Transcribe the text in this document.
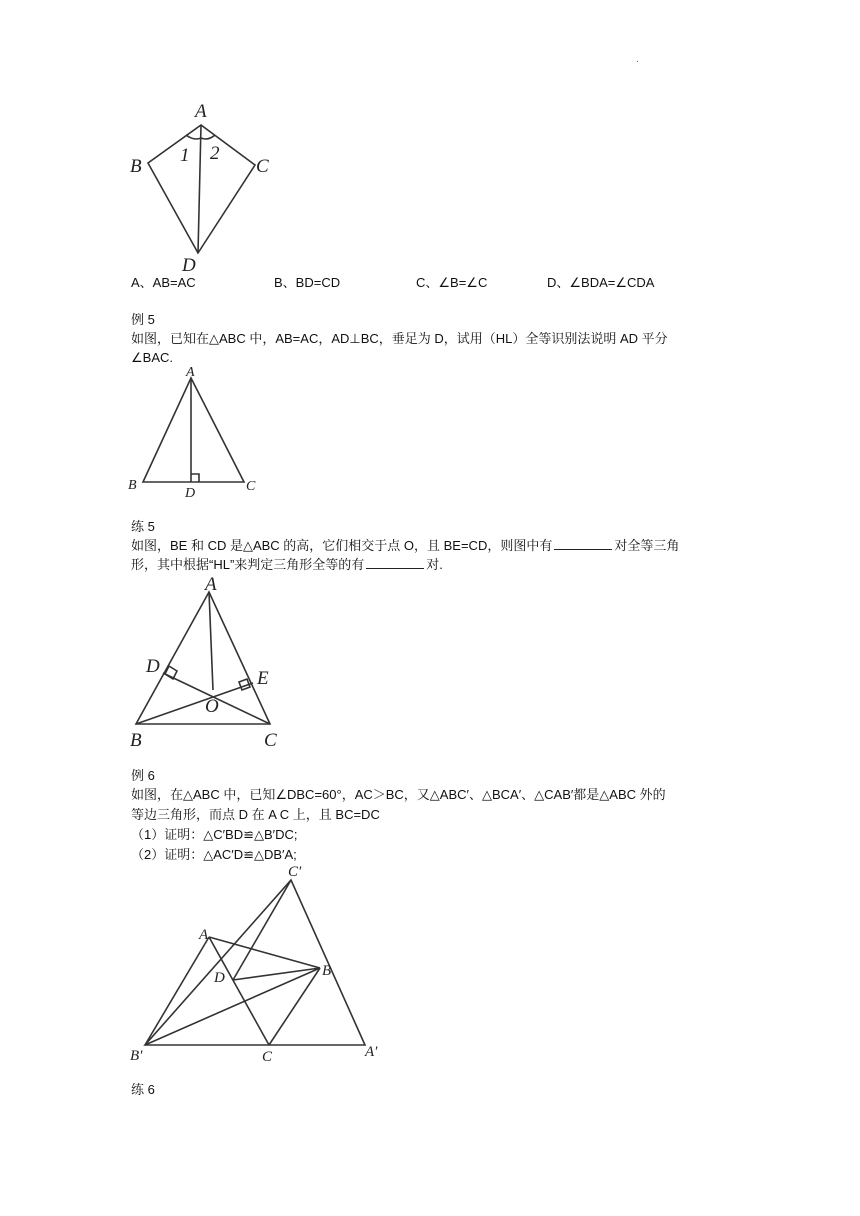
.
A
B	C
D
1 2
A、AB=AC	B、BD=CD	C、∠B=∠C	D、∠BDA=∠CDA
例 5
如图，已知在△ABC 中，AB=AC，AD⊥BC，垂足为 D，试用（HL）全等识别法说明 AD 平分
∠BAC.
A
B	C
D
练 5
如图，BE 和 CD 是△ABC 的高，它们相交于点 O，且 BE=CD，则图中有	对全等三角
形，其中根据“HL”来判定三角形全等的有	对.
A
B	C
D
E
O
例 6
如图，在△ABC 中，已知∠DBC=60°，AC＞BC，又△ABC′、△BCA′、△CAB′都是△ABC 外的
等边三角形，而点 D 在 A C 上，且 BC=DC
（1）证明：△C′BD≌△B′DC;
（2）证明：△AC′D≌△DB′A;
A
B
C
D
C′
B′	A′
练 6
